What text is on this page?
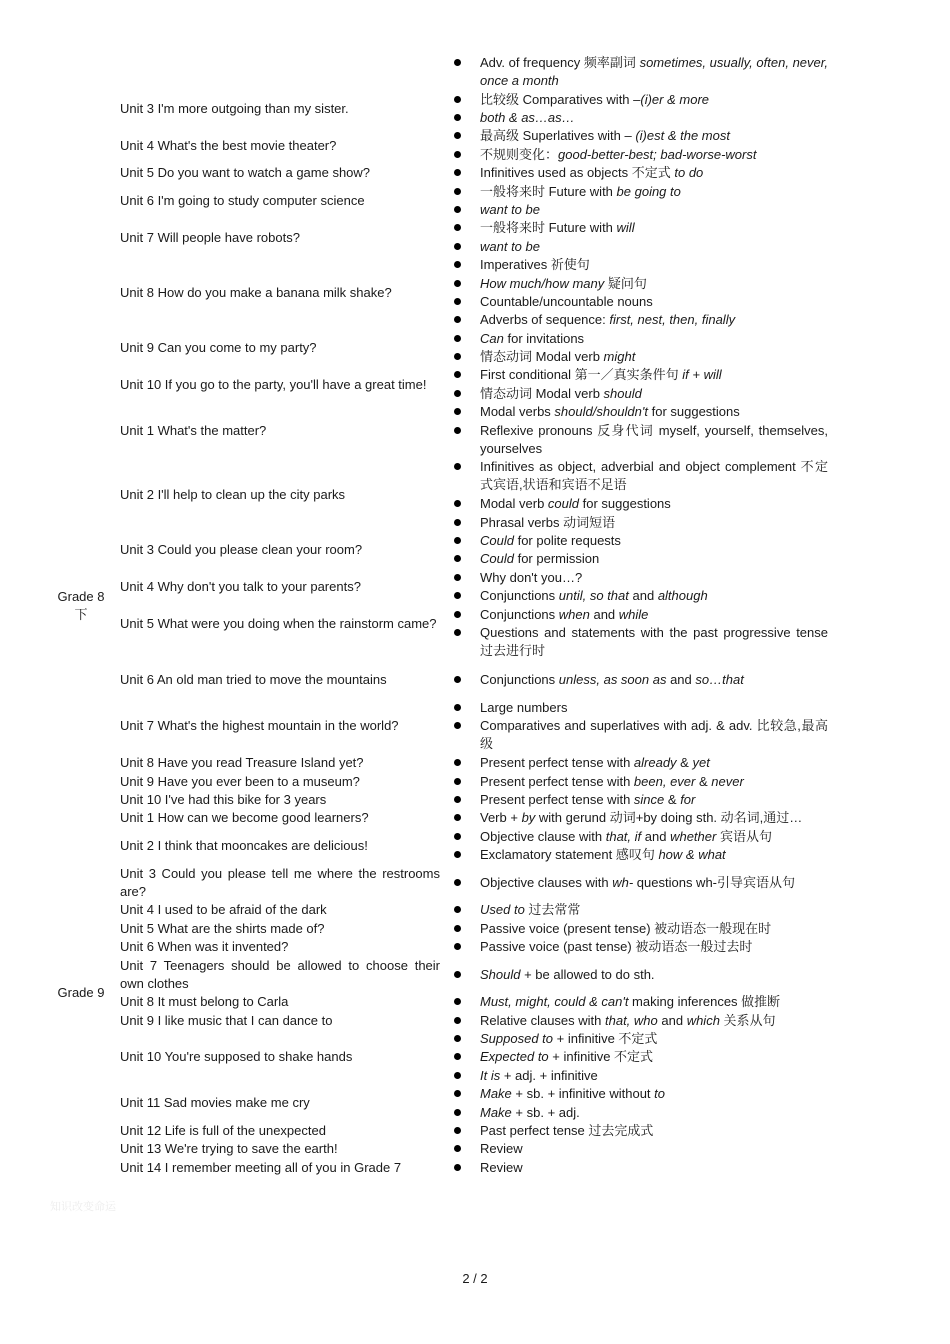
Grade 8
下
Grade 9
Unit 3 I'm more outgoing than my sister.
Unit 4 What's the best movie theater?
Unit 5 Do you want to watch a game show?
Unit 6 I'm going to study computer science
Unit 7 Will people have robots?
Unit 8 How do you make a banana milk shake?
Unit 9 Can you come to my party?
Unit 10 If you go to the party, you'll have a great time!
Unit 1 What's the matter?
Unit 2 I'll help to clean up the city parks
Unit 3 Could you please clean your room?
Unit 4 Why don't you talk to your parents?
Unit 5 What were you doing when the rainstorm came?
Unit 6 An old man tried to move the mountains
Unit 7 What's the highest mountain in the world?
Unit 8 Have you read Treasure Island yet?
Unit 9 Have you ever been to a museum?
Unit 10 I've had this bike for 3 years
Unit 1 How can we become good learners?
Unit 2 I think that mooncakes are delicious!
Unit 3 Could you please tell me where the restrooms are?
Unit 4 I used to be afraid of the dark
Unit 5 What are the shirts made of?
Unit 6 When was it invented?
Unit 7 Teenagers should be allowed to choose their own clothes
Unit 8 It must belong to Carla
Unit 9 I like music that I can dance to
Unit 10 You're supposed to shake hands
Unit 11 Sad movies make me cry
Unit 12 Life is full of the unexpected
Unit 13 We're trying to save the earth!
Unit 14 I remember meeting all of you in Grade 7
Adv. of frequency 频率副词 sometimes, usually, often, never, once a month
比较级 Comparatives with –(i)er & more
both & as…as…
最高级 Superlatives with – (i)est & the most
不规则变化：good-better-best; bad-worse-worst
Infinitives used as objects 不定式 to do
一般将来时 Future with be going to
want to be
一般将来时 Future with will
want to be
Imperatives 祈使句
How much/how many 疑问句
Countable/uncountable nouns
Adverbs of sequence: first, nest, then, finally
Can for invitations
情态动词 Modal verb might
First conditional 第一／真实条件句 if + will
情态动词 Modal verb should
Modal verbs should/shouldn't for suggestions
Reflexive pronouns 反身代词 myself, yourself, themselves, yourselves
Infinitives as object, adverbial and object complement 不定式宾语,状语和宾语不足语
Modal verb could for suggestions
Phrasal verbs 动词短语
Could for polite requests
Could for permission
Why don't you…?
Conjunctions until, so that and although
Conjunctions when and while
Questions and statements with the past progressive tense 过去进行时
Conjunctions unless, as soon as and so…that
Large numbers
Comparatives and superlatives with adj. & adv. 比较急,最高级
Present perfect tense with already & yet
Present perfect tense with been, ever & never
Present perfect tense with since & for
Verb + by with gerund 动词+by doing sth. 动名词,通过…
Objective clause with that, if and whether 宾语从句
Exclamatory statement 感叹句 how & what
Objective clauses with wh- questions wh-引导宾语从句
Used to 过去常常
Passive voice (present tense) 被动语态一般现在时
Passive voice (past tense) 被动语态一般过去时
Should + be allowed to do sth.
Must, might, could & can't making inferences 做推断
Relative clauses with that, who and which 关系从句
Supposed to + infinitive 不定式
Expected to + infinitive 不定式
It is + adj. + infinitive
Make + sb. + infinitive without to
Make + sb. + adj.
Past perfect tense 过去完成式
Review
Review
知识改变命运
2 / 2
